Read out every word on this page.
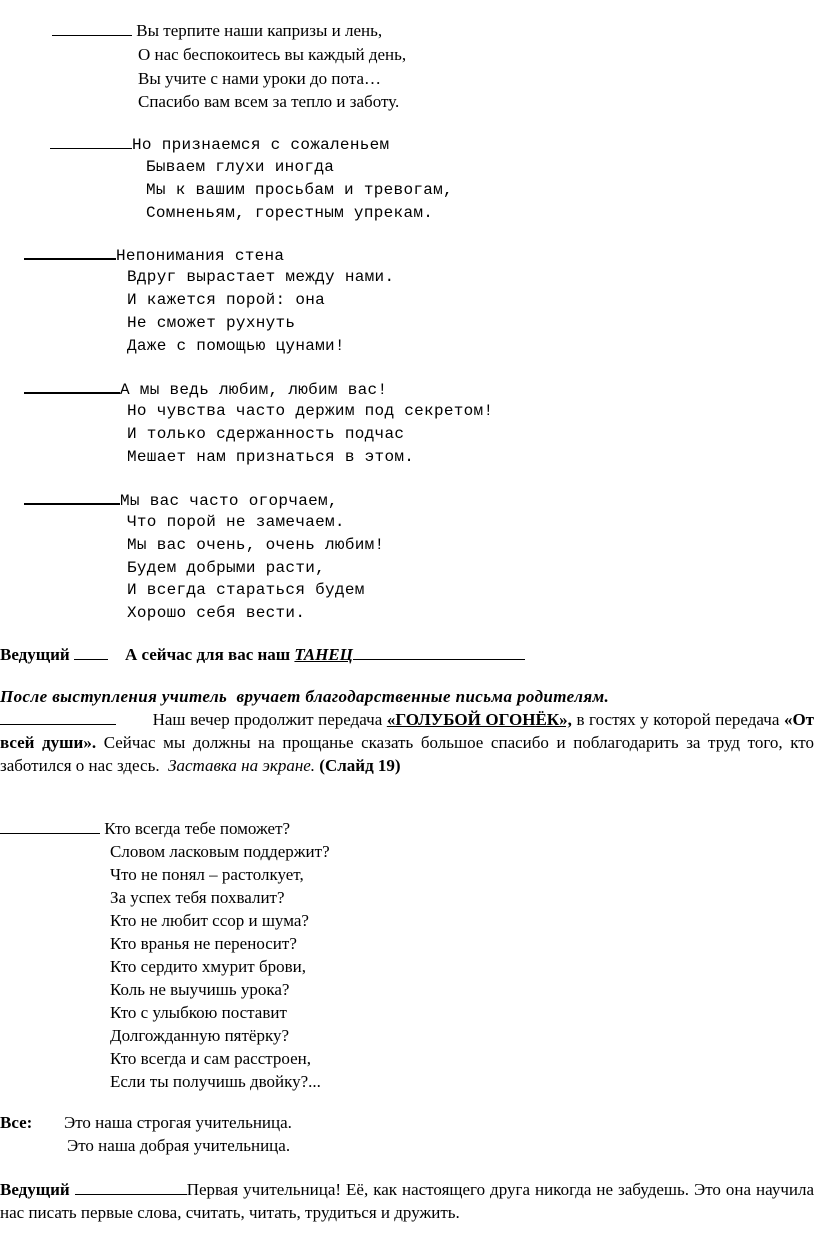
Вы терпите наши капризы и лень,
О нас беспокоитесь вы каждый день,
Вы учите с нами уроки до пота…
Спасибо вам всем за тепло и заботу.
Но признаемся с сожаленьем
Бываем глухи иногда
Мы к вашим просьбам и тревогам,
Сомненьям, горестным упрекам.
Непонимания стена
Вдруг вырастает между нами.
И кажется порой: она
Не сможет рухнуть
Даже с помощью цунами!
А мы ведь любим, любим вас!
Но чувства часто держим под секретом!
И только сдержанность подчас
Мешает нам признаться в этом.
Мы вас часто огорчаем,
Что порой не замечаем.
Мы вас очень, очень любим!
Будем добрыми расти,
И всегда стараться будем
Хорошо себя вести.
Ведущий	А сейчас для вас наш ТАНЕЦ
После выступления учитель  вручает благодарственные письма родителям.
Наш вечер продолжит передача «ГОЛУБОЙ ОГОНЁК», в гостях у которой передача «От всей души». Сейчас мы должны на прощанье сказать большое спасибо и поблагодарить за труд того, кто заботился о нас здесь. Заставка на экране. (Слайд 19)
Кто всегда тебе поможет?
Словом ласковым поддержит?
Что не понял – растолкует,
За успех тебя похвалит?
Кто не любит ссор и шума?
Кто вранья не переносит?
Кто сердито хмурит брови,
Коль не выучишь урока?
Кто с улыбкою поставит
Долгожданную пятёрку?
Кто всегда и сам расстроен,
Если ты получишь двойку?...
Все: Это наша строгая учительница.
Это наша добрая учительница.
Ведущий	Первая учительница! Её, как настоящего друга никогда не забудешь. Это она научила нас писать первые слова, считать, читать, трудиться и дружить.
